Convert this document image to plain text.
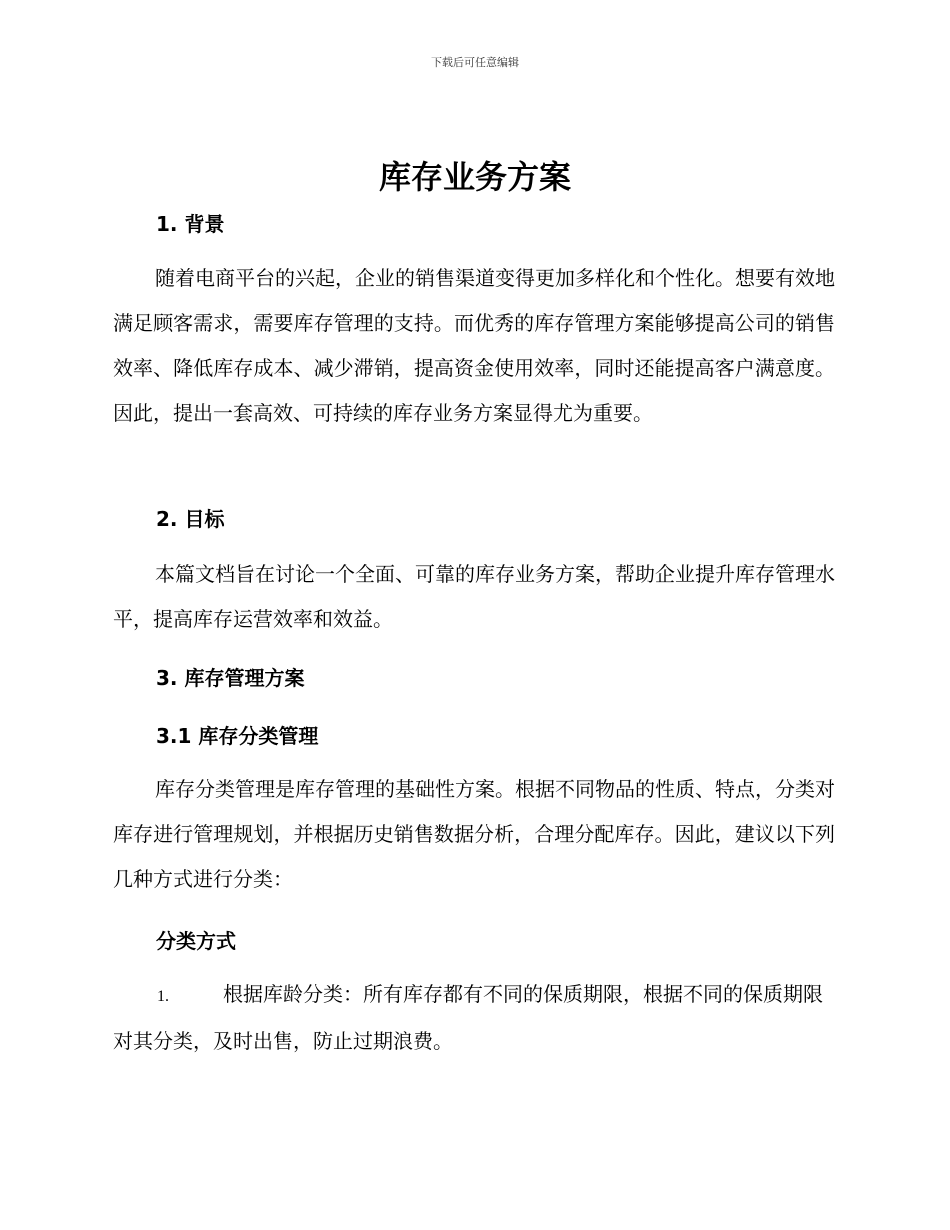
下载后可任意编辑
库存业务方案
1. 背景

随着电商平台的兴起，企业的销售渠道变得更加多样化和个性化。想要有效地满足顾客需求，需要库存管理的支持。而优秀的库存管理方案能够提高公司的销售效率、降低库存成本、减少滞销，提高资金使用效率，同时还能提高客户满意度。因此，提出一套高效、可持续的库存业务方案显得尤为重要。

2. 目标

本篇文档旨在讨论一个全面、可靠的库存业务方案，帮助企业提升库存管理水平，提高库存运营效率和效益。

3. 库存管理方案
3.1 库存分类管理

库存分类管理是库存管理的基础性方案。根据不同物品的性质、特点，分类对库存进行管理规划，并根据历史销售数据分析，合理分配库存。因此，建议以下列几种方式进行分类：

分类方式

1.	根据库龄分类：所有库存都有不同的保质期限，根据不同的保质期限对其分类，及时出售，防止过期浪费。
